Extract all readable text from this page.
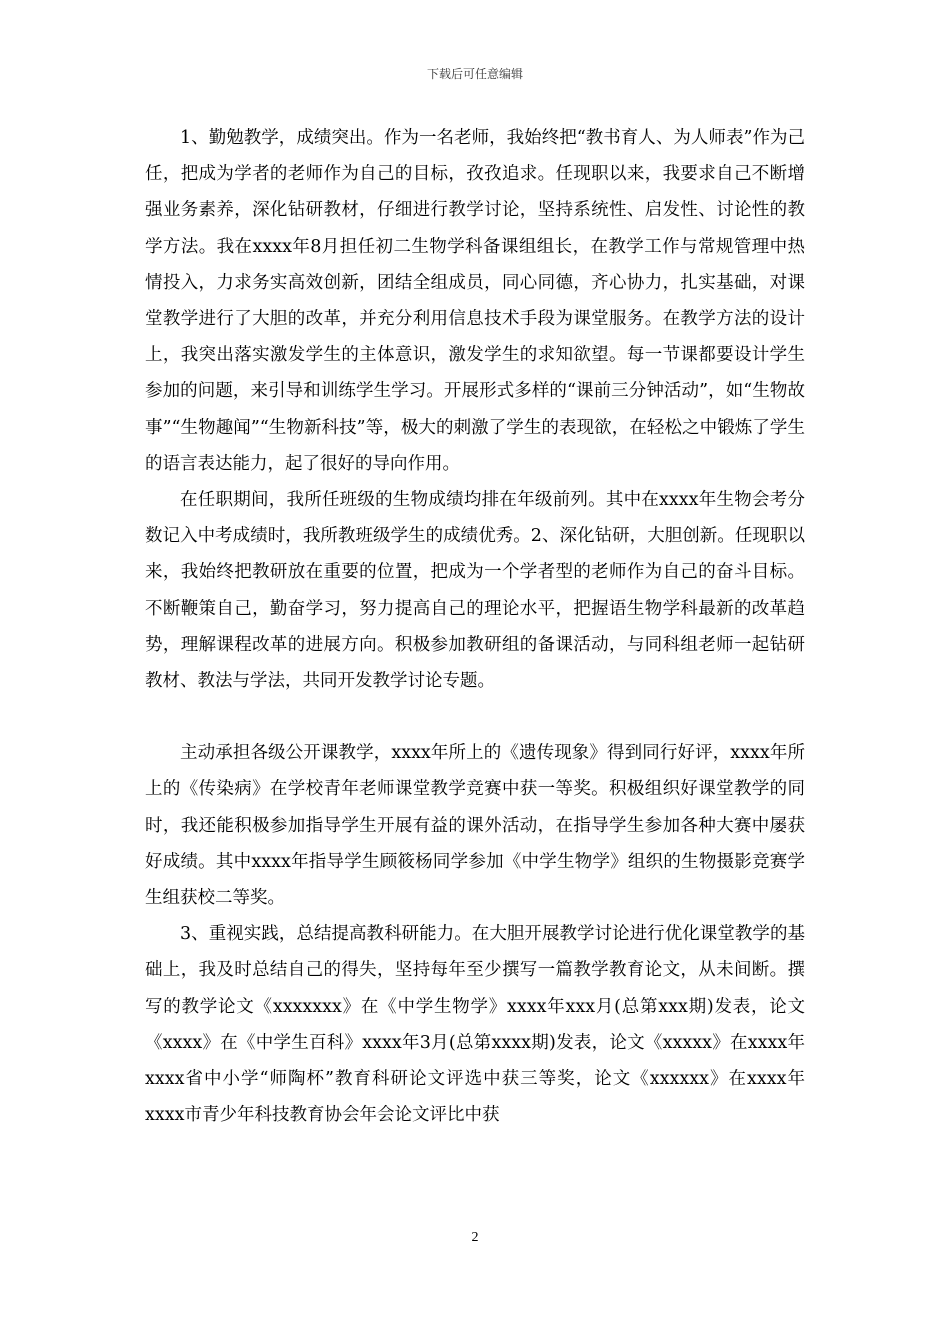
下载后可任意编辑

1、勤勉教学，成绩突出。作为一名老师，我始终把“教书育人、为人师表”作为己任，把成为学者的老师作为自己的目标，孜孜追求。任现职以来，我要求自己不断增强业务素养，深化钻研教材，仔细进行教学讨论，坚持系统性、启发性、讨论性的教学方法。我在xxxx年8月担任初二生物学科备课组组长，在教学工作与常规管理中热情投入，力求务实高效创新，团结全组成员，同心同德，齐心协力，扎实基础，对课堂教学进行了大胆的改革，并充分利用信息技术手段为课堂服务。在教学方法的设计上，我突出落实激发学生的主体意识，激发学生的求知欲望。每一节课都要设计学生参加的问题，来引导和训练学生学习。开展形式多样的“课前三分钟活动”，如“生物故事”“生物趣闻”“生物新科技”等，极大的刺激了学生的表现欲，在轻松之中锻炼了学生的语言表达能力，起了很好的导向作用。

在任职期间，我所任班级的生物成绩均排在年级前列。其中在xxxx年生物会考分数记入中考成绩时，我所教班级学生的成绩优秀。2、深化钻研，大胆创新。任现职以来，我始终把教研放在重要的位置，把成为一个学者型的老师作为自己的奋斗目标。不断鞭策自己，勤奋学习，努力提高自己的理论水平，把握语生物学科最新的改革趋势，理解课程改革的进展方向。积极参加教研组的备课活动，与同科组老师一起钻研教材、教法与学法，共同开发教学讨论专题。

主动承担各级公开课教学，xxxx年所上的《遗传现象》得到同行好评，xxxx年所上的《传染病》在学校青年老师课堂教学竞赛中获一等奖。积极组织好课堂教学的同时，我还能积极参加指导学生开展有益的课外活动，在指导学生参加各种大赛中屡获好成绩。其中xxxx年指导学生顾筱杨同学参加《中学生物学》组织的生物摄影竞赛学生组获校二等奖。

3、重视实践，总结提高教科研能力。在大胆开展教学讨论进行优化课堂教学的基础上，我及时总结自己的得失，坚持每年至少撰写一篇教学教育论文，从未间断。撰写的教学论文《xxxxxxx》在《中学生物学》xxxx年xxx月(总第xxx期)发表，论文《xxxx》在《中学生百科》xxxx年3月(总第xxxx期)发表，论文《xxxxx》在xxxx年xxxx省中小学“师陶杯”教育科研论文评选中获三等奖，论文《xxxxxx》在xxxx年xxxx市青少年科技教育协会年会论文评比中获

2
